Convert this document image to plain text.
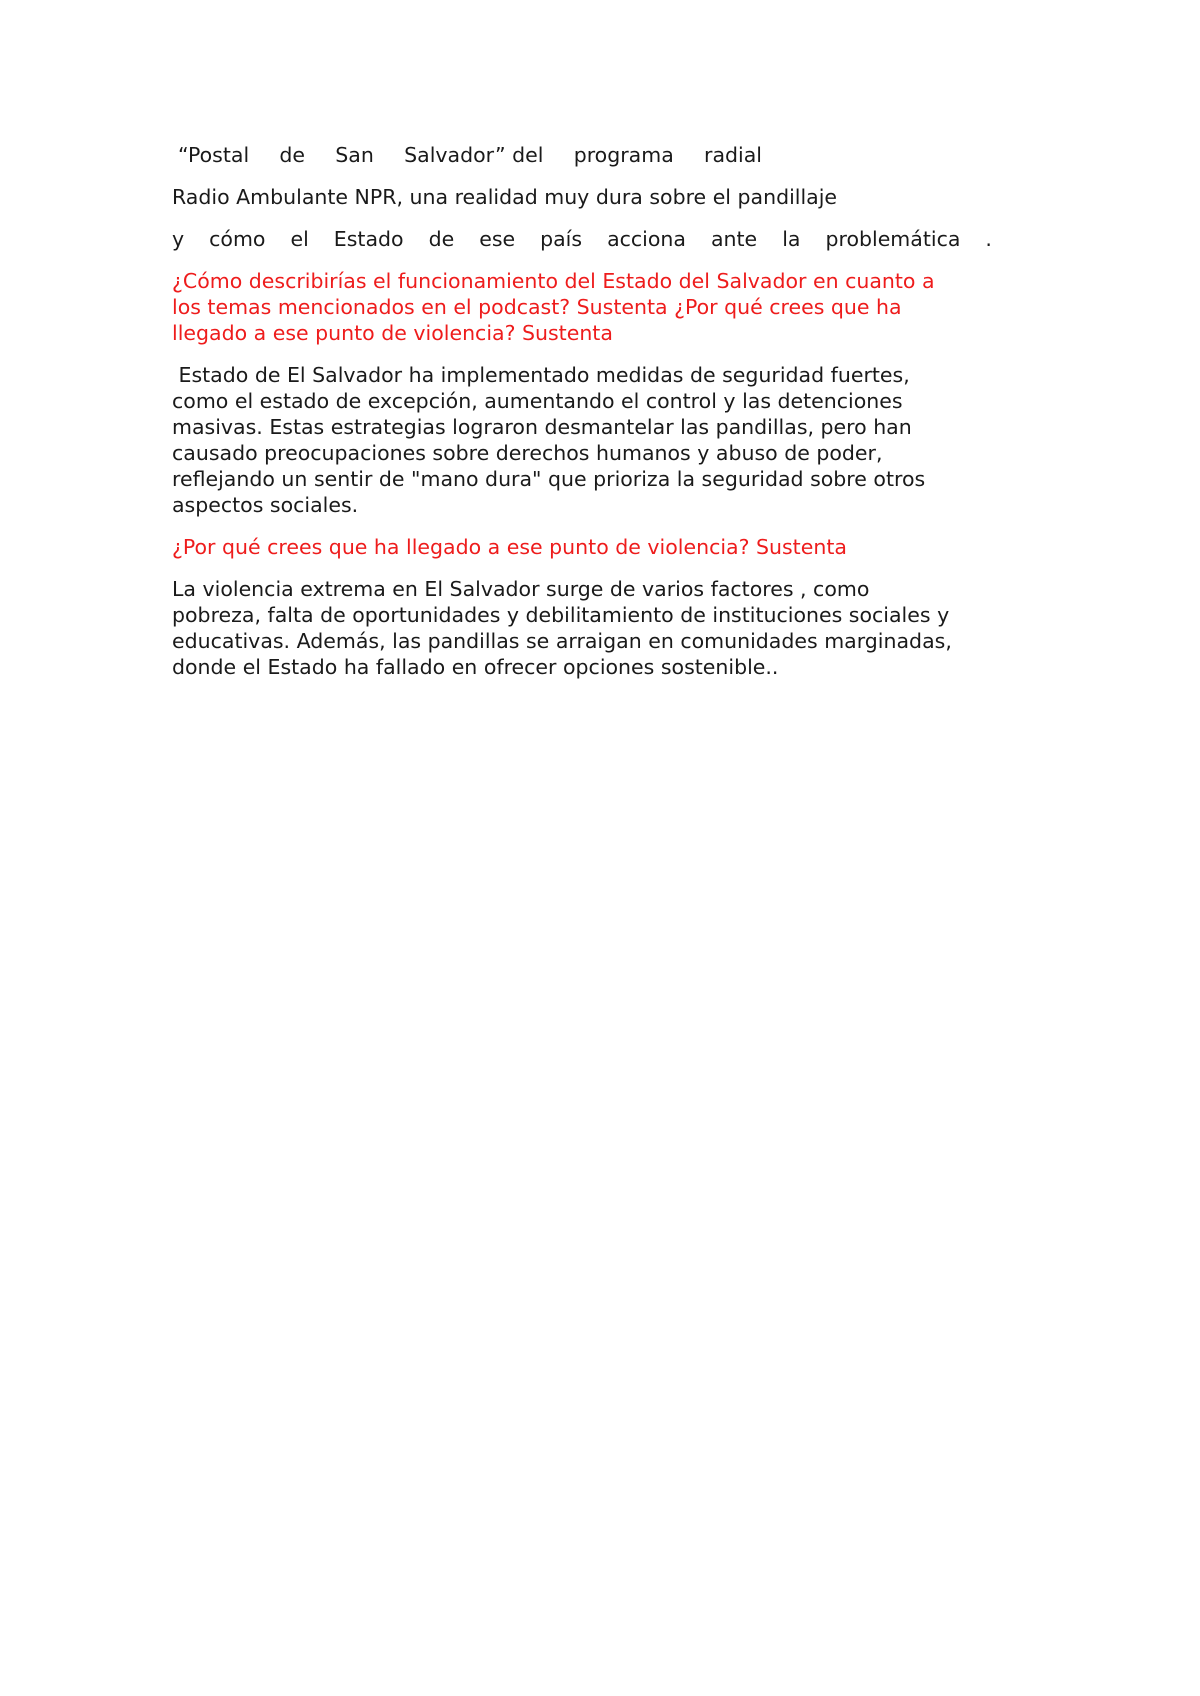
“Postal de San Salvador” del programa radial

Radio Ambulante NPR, una realidad muy dura sobre el pandillaje

y cómo el Estado de ese país acciona ante la problemática .

¿Cómo describirías el funcionamiento del Estado del Salvador en cuanto a
los temas mencionados en el podcast? Sustenta ¿Por qué crees que ha
llegado a ese punto de violencia? Sustenta

Estado de El Salvador ha implementado medidas de seguridad fuertes,
como el estado de excepción, aumentando el control y las detenciones
masivas. Estas estrategias lograron desmantelar las pandillas, pero han
causado preocupaciones sobre derechos humanos y abuso de poder,
reflejando un sentir de "mano dura" que prioriza la seguridad sobre otros
aspectos sociales.

¿Por qué crees que ha llegado a ese punto de violencia? Sustenta

La violencia extrema en El Salvador surge de varios factores , como
pobreza, falta de oportunidades y debilitamiento de instituciones sociales y
educativas. Además, las pandillas se arraigan en comunidades marginadas,
donde el Estado ha fallado en ofrecer opciones sostenible..
